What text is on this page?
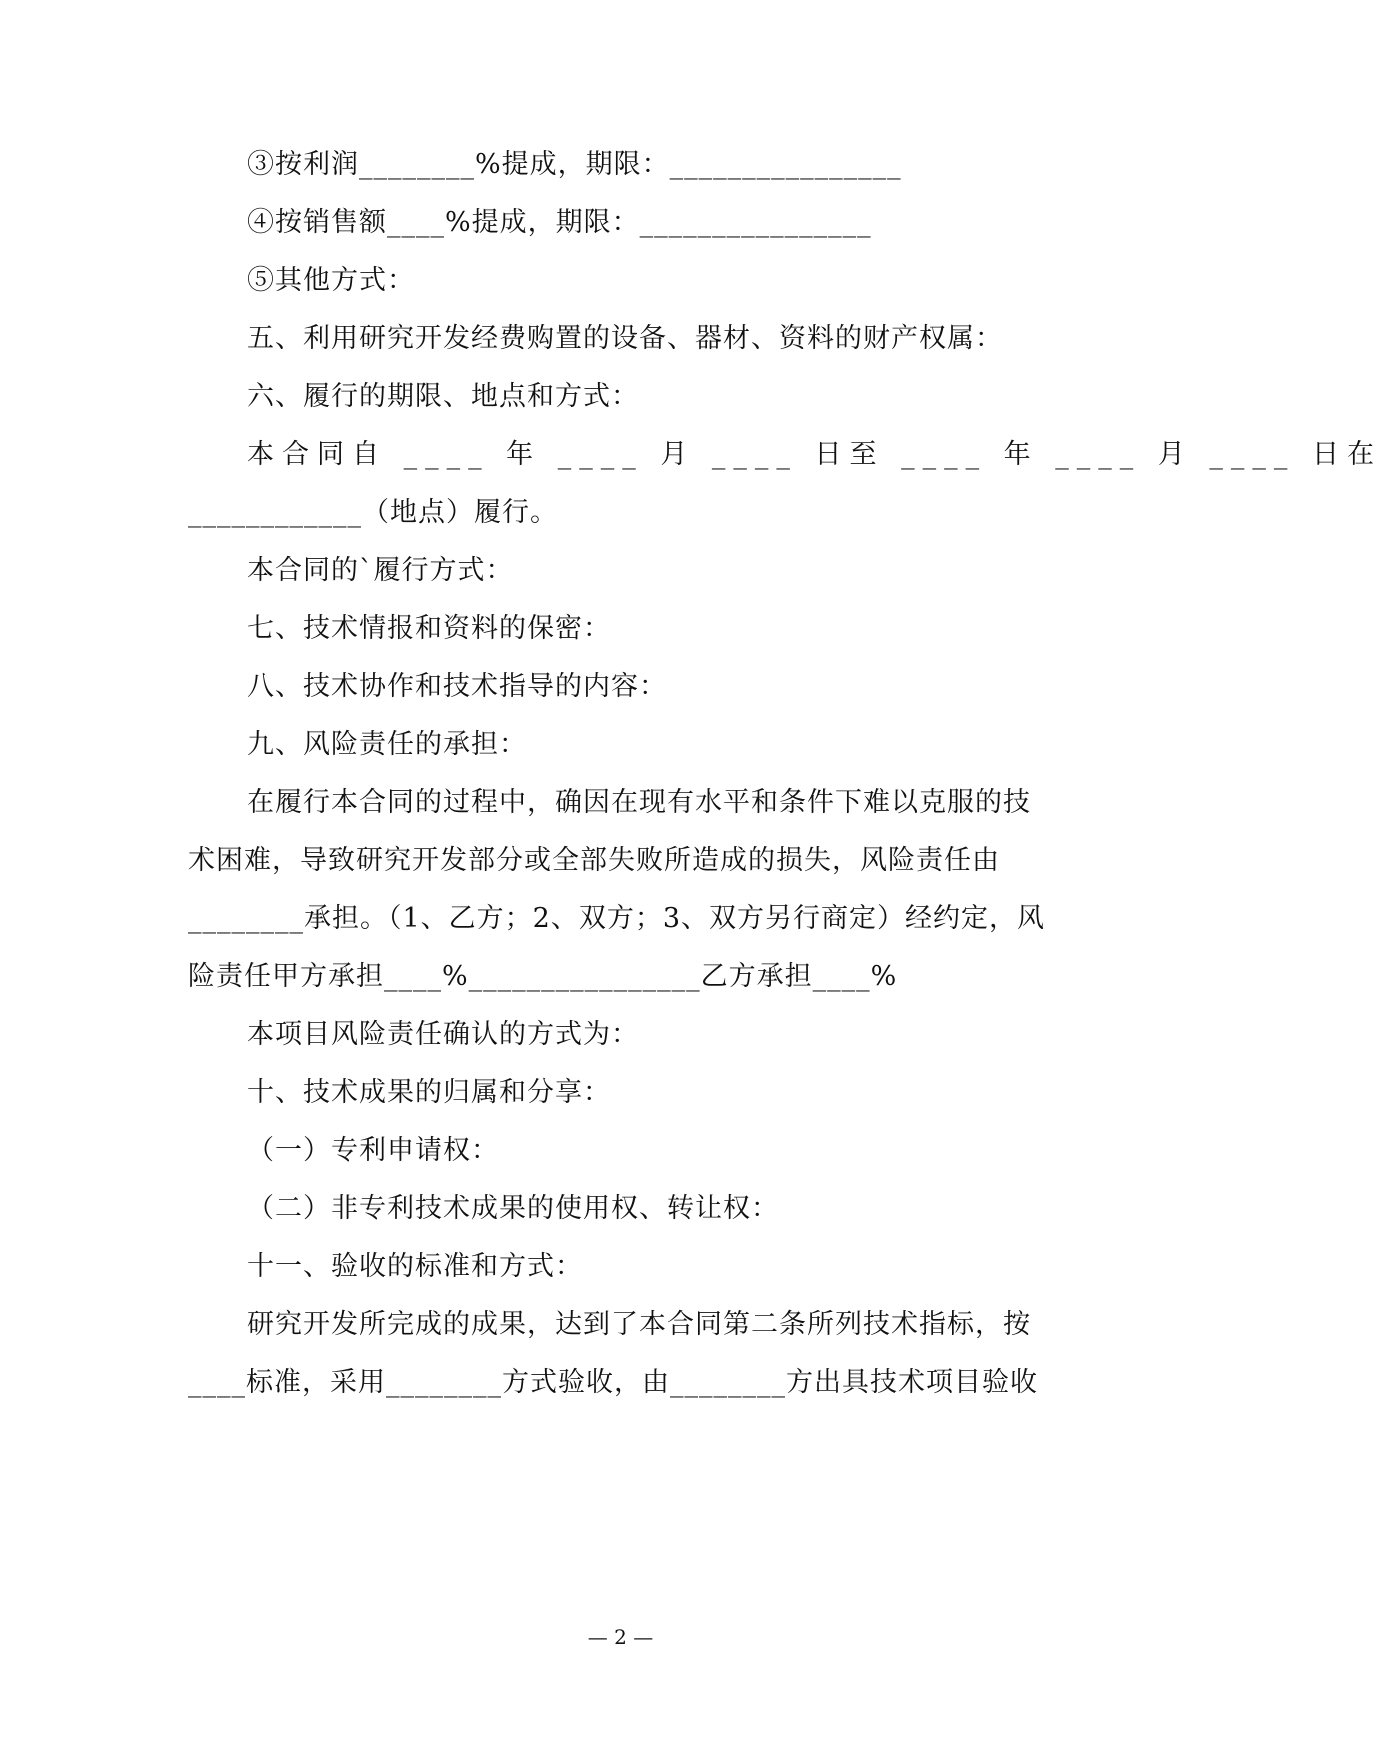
③按利润________%提成，期限：________________
④按销售额____%提成，期限：________________
⑤其他方式：
五、利用研究开发经费购置的设备、器材、资料的财产权属：
六、履行的期限、地点和方式：
本合同自 ____ 年 ____ 月 ____ 日至 ____ 年 ____ 月 ____ 日在
____________（地点）履行。
本合同的`履行方式：
七、技术情报和资料的保密：
八、技术协作和技术指导的内容：
九、风险责任的承担：
在履行本合同的过程中，确因在现有水平和条件下难以克服的技
术困难，导致研究开发部分或全部失败所造成的损失，风险责任由
________承担。（1、乙方；2、双方；3、双方另行商定）经约定，风
险责任甲方承担____%________________乙方承担____%
本项目风险责任确认的方式为：
十、技术成果的归属和分享：
（一）专利申请权：
（二）非专利技术成果的使用权、转让权：
十一、验收的标准和方式：
研究开发所完成的成果，达到了本合同第二条所列技术指标，按
____标准，采用________方式验收，由________方出具技术项目验收
— 2 —
